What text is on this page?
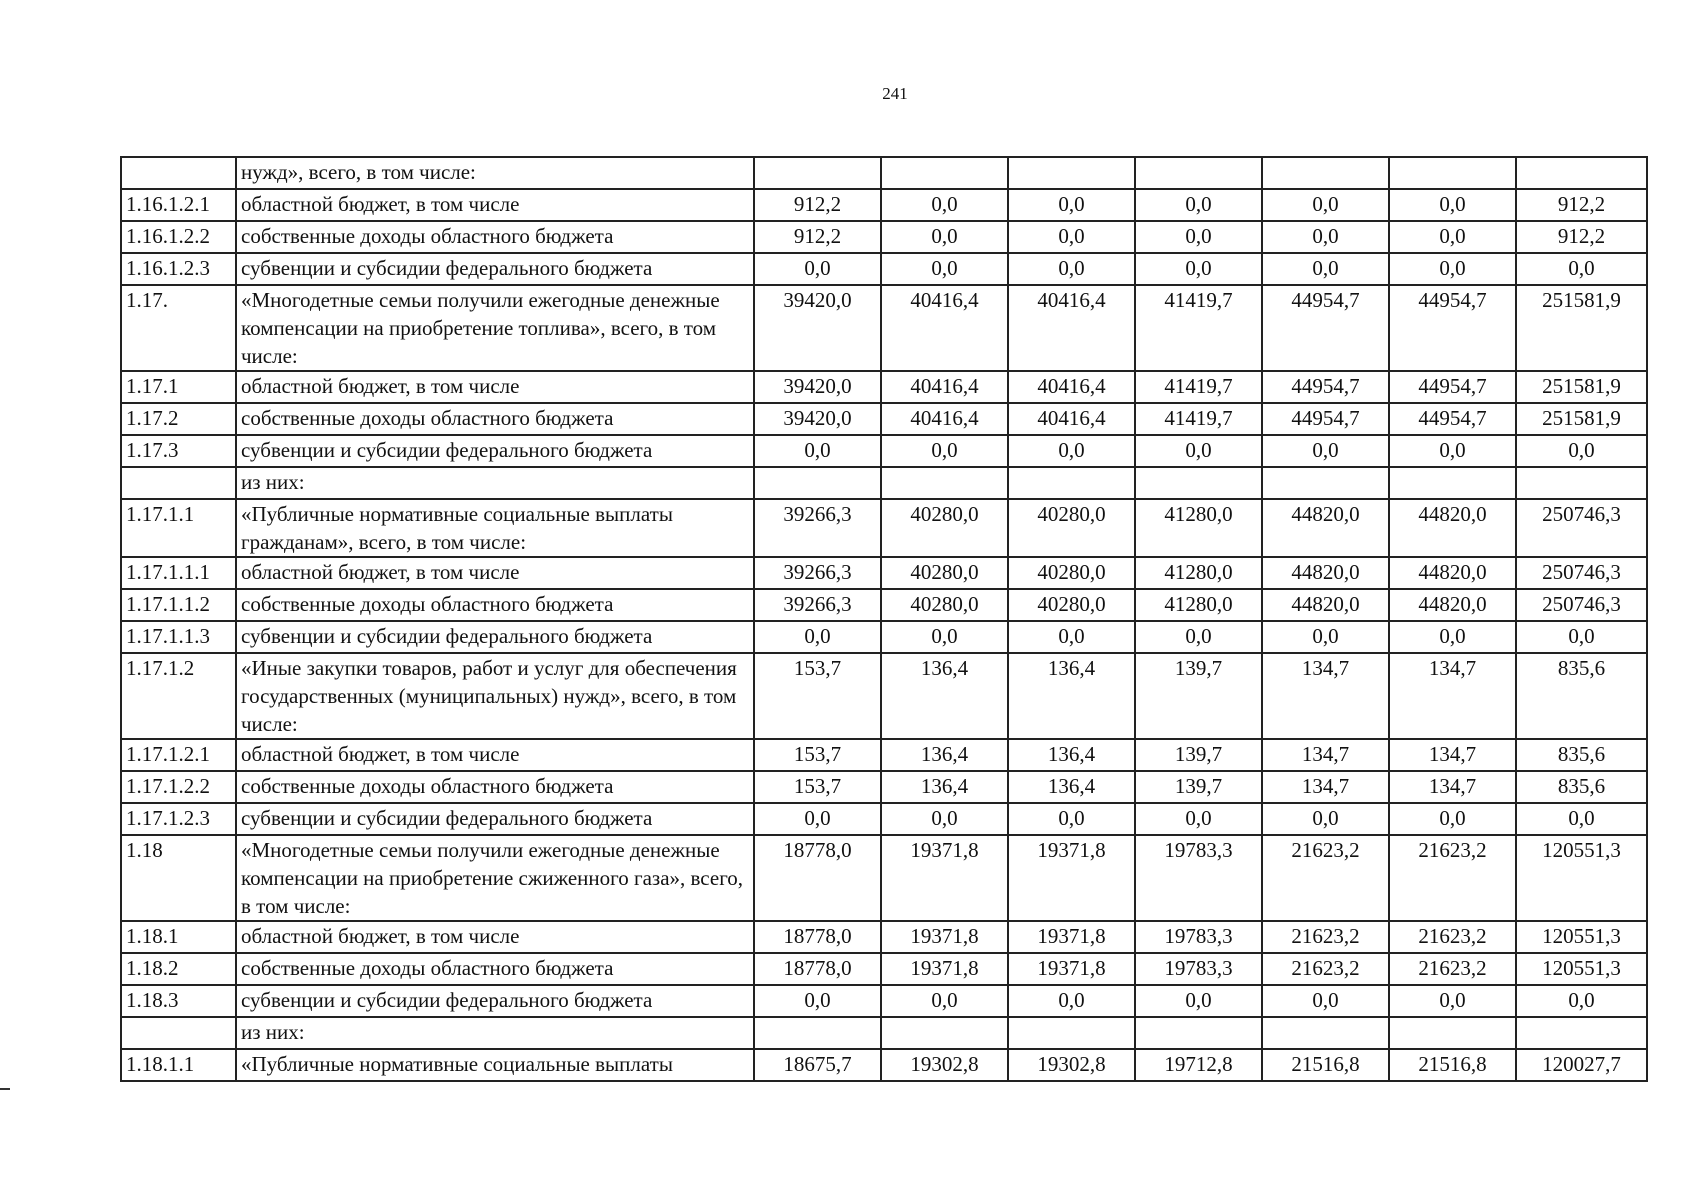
241
	нужд», всего, в том числе:							
1.16.1.2.1	областной бюджет, в том числе	912,2	0,0	0,0	0,0	0,0	0,0	912,2
1.16.1.2.2	собственные доходы областного бюджета	912,2	0,0	0,0	0,0	0,0	0,0	912,2
1.16.1.2.3	субвенции и субсидии федерального бюджета	0,0	0,0	0,0	0,0	0,0	0,0	0,0
1.17.	«Многодетные семьи получили ежегодные денежные компенсации на приобретение топлива», всего, в том числе:	39420,0	40416,4	40416,4	41419,7	44954,7	44954,7	251581,9
1.17.1	областной бюджет, в том числе	39420,0	40416,4	40416,4	41419,7	44954,7	44954,7	251581,9
1.17.2	собственные доходы областного бюджета	39420,0	40416,4	40416,4	41419,7	44954,7	44954,7	251581,9
1.17.3	субвенции и субсидии федерального бюджета	0,0	0,0	0,0	0,0	0,0	0,0	0,0
	из них:							
1.17.1.1	«Публичные нормативные социальные выплаты гражданам», всего, в том числе:	39266,3	40280,0	40280,0	41280,0	44820,0	44820,0	250746,3
1.17.1.1.1	областной бюджет, в том числе	39266,3	40280,0	40280,0	41280,0	44820,0	44820,0	250746,3
1.17.1.1.2	собственные доходы областного бюджета	39266,3	40280,0	40280,0	41280,0	44820,0	44820,0	250746,3
1.17.1.1.3	субвенции и субсидии федерального бюджета	0,0	0,0	0,0	0,0	0,0	0,0	0,0
1.17.1.2	«Иные закупки товаров, работ и услуг для обеспечения государственных (муниципальных) нужд», всего, в том числе:	153,7	136,4	136,4	139,7	134,7	134,7	835,6
1.17.1.2.1	областной бюджет, в том числе	153,7	136,4	136,4	139,7	134,7	134,7	835,6
1.17.1.2.2	собственные доходы областного бюджета	153,7	136,4	136,4	139,7	134,7	134,7	835,6
1.17.1.2.3	субвенции и субсидии федерального бюджета	0,0	0,0	0,0	0,0	0,0	0,0	0,0
1.18	«Многодетные семьи получили ежегодные денежные компенсации на приобретение сжиженного газа», всего, в том числе:	18778,0	19371,8	19371,8	19783,3	21623,2	21623,2	120551,3
1.18.1	областной бюджет, в том числе	18778,0	19371,8	19371,8	19783,3	21623,2	21623,2	120551,3
1.18.2	собственные доходы областного бюджета	18778,0	19371,8	19371,8	19783,3	21623,2	21623,2	120551,3
1.18.3	субвенции и субсидии федерального бюджета	0,0	0,0	0,0	0,0	0,0	0,0	0,0
	из них:							
1.18.1.1	«Публичные нормативные социальные выплаты	18675,7	19302,8	19302,8	19712,8	21516,8	21516,8	120027,7
